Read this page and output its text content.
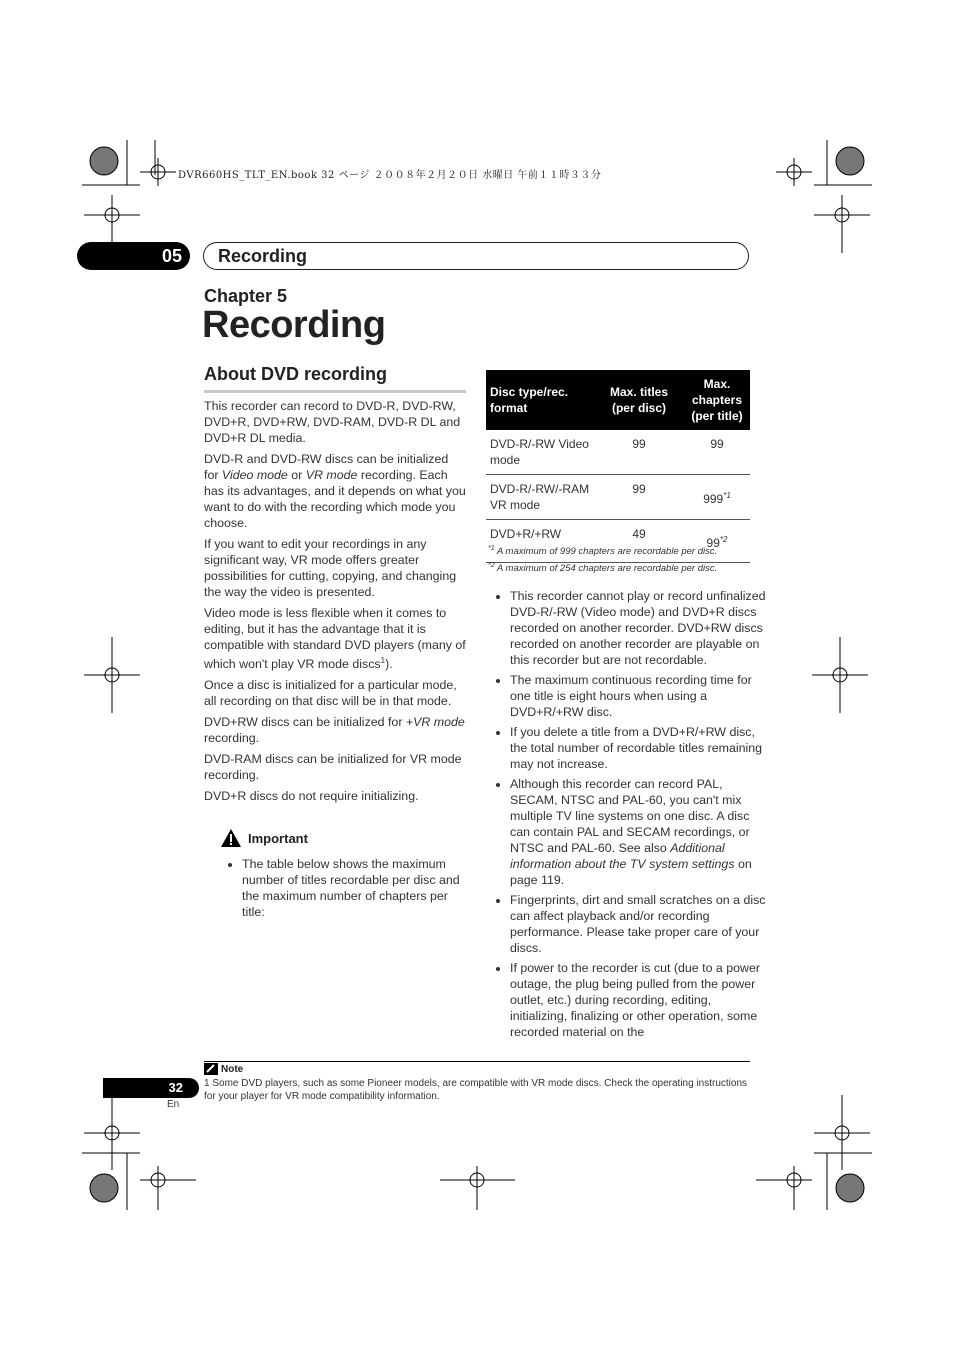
DVR660HS_TLT_EN.book 32 ページ ２００８年２月２０日 水曜日 午前１１時３３分
05	Recording
Chapter 5
Recording
About DVD recording

This recorder can record to DVD-R, DVD-RW, DVD+R, DVD+RW, DVD-RAM, DVD-R DL and DVD+R DL media.

DVD-R and DVD-RW discs can be initialized for Video mode or VR mode recording. Each has its advantages, and it depends on what you want to do with the recording which mode you choose.

If you want to edit your recordings in any significant way, VR mode offers greater possibilities for cutting, copying, and changing the way the video is presented.

Video mode is less flexible when it comes to editing, but it has the advantage that it is compatible with standard DVD players (many of which won't play VR mode discs$^1$).

Once a disc is initialized for a particular mode, all recording on that disc will be in that mode.

DVD+RW discs can be initialized for +VR mode recording.

DVD-RAM discs can be initialized for VR mode recording.

DVD+R discs do not require initializing.

Important
• The table below shows the maximum number of titles recordable per disc and the maximum number of chapters per title:
Disc type/rec. format	Max. titles (per disc)	Max. chapters (per title)
DVD-R/-RW Video mode	99	99
DVD-R/-RW/-RAM VR mode	99	999$^{*1}$
DVD+R/+RW	49	99$^{*2}$
$^{*1}$ A maximum of 999 chapters are recordable per disc.
$^{*2}$ A maximum of 254 chapters are recordable per disc.
• This recorder cannot play or record unfinalized DVD-R/-RW (Video mode) and DVD+R discs recorded on another recorder. DVD+RW discs recorded on another recorder are playable on this recorder but are not recordable.
• The maximum continuous recording time for one title is eight hours when using a DVD+R/+RW disc.
• If you delete a title from a DVD+R/+RW disc, the total number of recordable titles remaining may not increase.
• Although this recorder can record PAL, SECAM, NTSC and PAL-60, you can't mix multiple TV line systems on one disc. A disc can contain PAL and SECAM recordings, or NTSC and PAL-60. See also Additional information about the TV system settings on page 119.
• Fingerprints, dirt and small scratches on a disc can affect playback and/or recording performance. Please take proper care of your discs.
• If power to the recorder is cut (due to a power outage, the plug being pulled from the power outlet, etc.) during recording, editing, initializing, finalizing or other operation, some recorded material on the
Note
1 Some DVD players, such as some Pioneer models, are compatible with VR mode discs. Check the operating instructions for your player for VR mode compatibility information.
32
En
